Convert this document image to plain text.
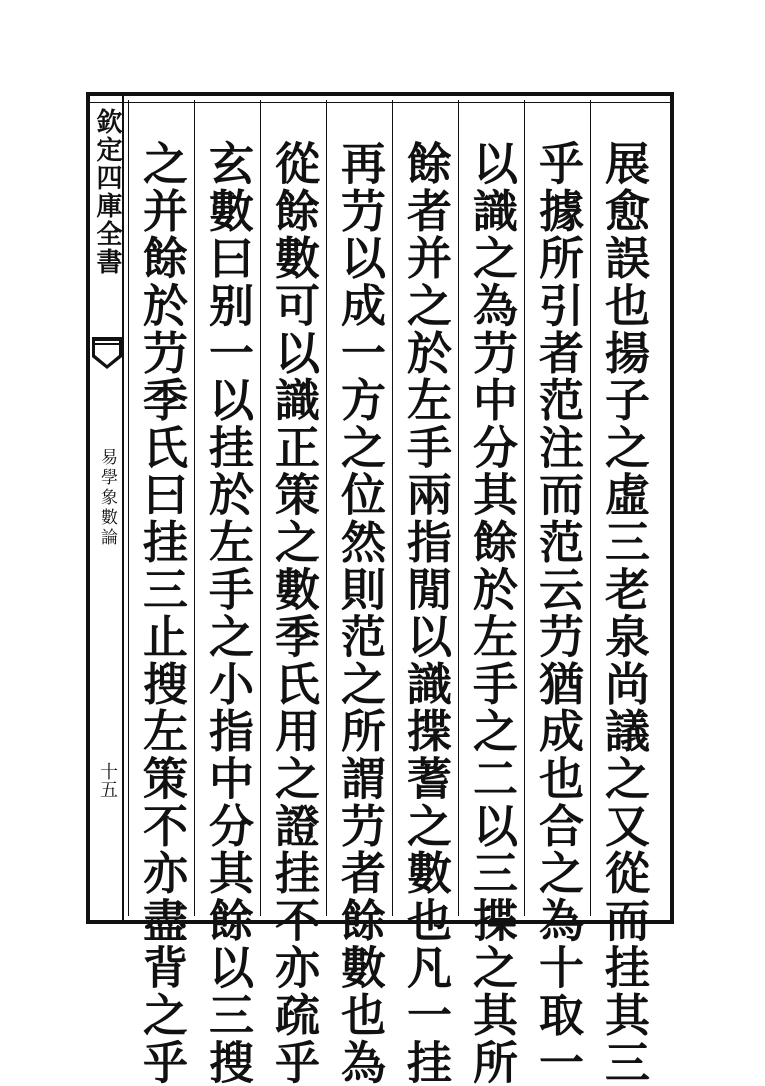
欽定四庫全書
易學象數論
十五	展愈誤也揚子之虛三老泉尚議之又從而挂其三
乎據所引者范注而范云芀猶成也合之為十取一
以識之為芀中分其餘於左手之二以三揲之其所
餘者并之於左手兩指閒以識揲蓍之數也凡一挂
再芀以成一方之位然則范之所謂芀者餘數也為
從餘數可以識正策之數季氏用之證挂不亦疏乎
玄數曰别一以挂於左手之小指中分其餘以三搜
之并餘於芀季氏曰挂三止搜左策不亦盡背之乎
